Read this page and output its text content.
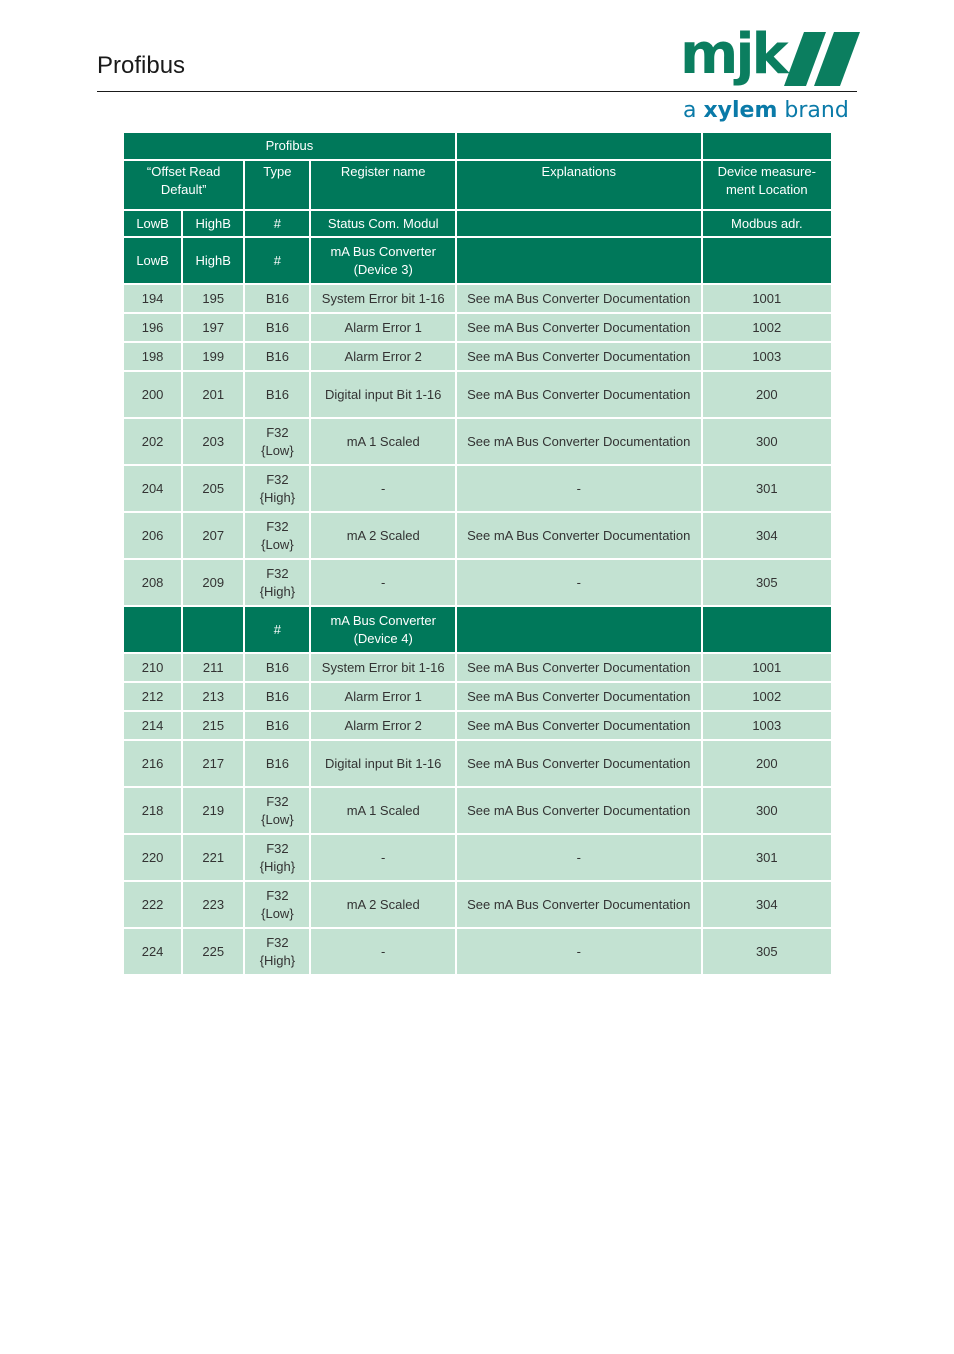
Profibus	mjk
a xylem brand
Profibus					
“Offset Read Default”		Type	Register name	Explanations	Device measure-ment Location
LowB	HighB	#	Status Com. Modul		Modbus adr.
LowB	HighB	#	mA Bus Converter (Device 3)		
194	195	B16	System Error bit 1-16	See mA Bus Converter Documentation	1001
196	197	B16	Alarm Error 1	See mA Bus Converter Documentation	1002
198	199	B16	Alarm Error 2	See mA Bus Converter Documentation	1003
200	201	B16	Digital input Bit 1-16	See mA Bus Converter Documentation	200
202	203	F32 {Low}	mA 1 Scaled	See mA Bus Converter Documentation	300
204	205	F32 {High}	-	-	301
206	207	F32 {Low}	mA 2 Scaled	See mA Bus Converter Documentation	304
208	209	F32 {High}	-	-	305
		#	mA Bus Converter (Device 4)		
210	211	B16	System Error bit 1-16	See mA Bus Converter Documentation	1001
212	213	B16	Alarm Error 1	See mA Bus Converter Documentation	1002
214	215	B16	Alarm Error 2	See mA Bus Converter Documentation	1003
216	217	B16	Digital input Bit 1-16	See mA Bus Converter Documentation	200
218	219	F32 {Low}	mA 1 Scaled	See mA Bus Converter Documentation	300
220	221	F32 {High}	-	-	301
222	223	F32 {Low}	mA 2 Scaled	See mA Bus Converter Documentation	304
224	225	F32 {High}	-	-	305
